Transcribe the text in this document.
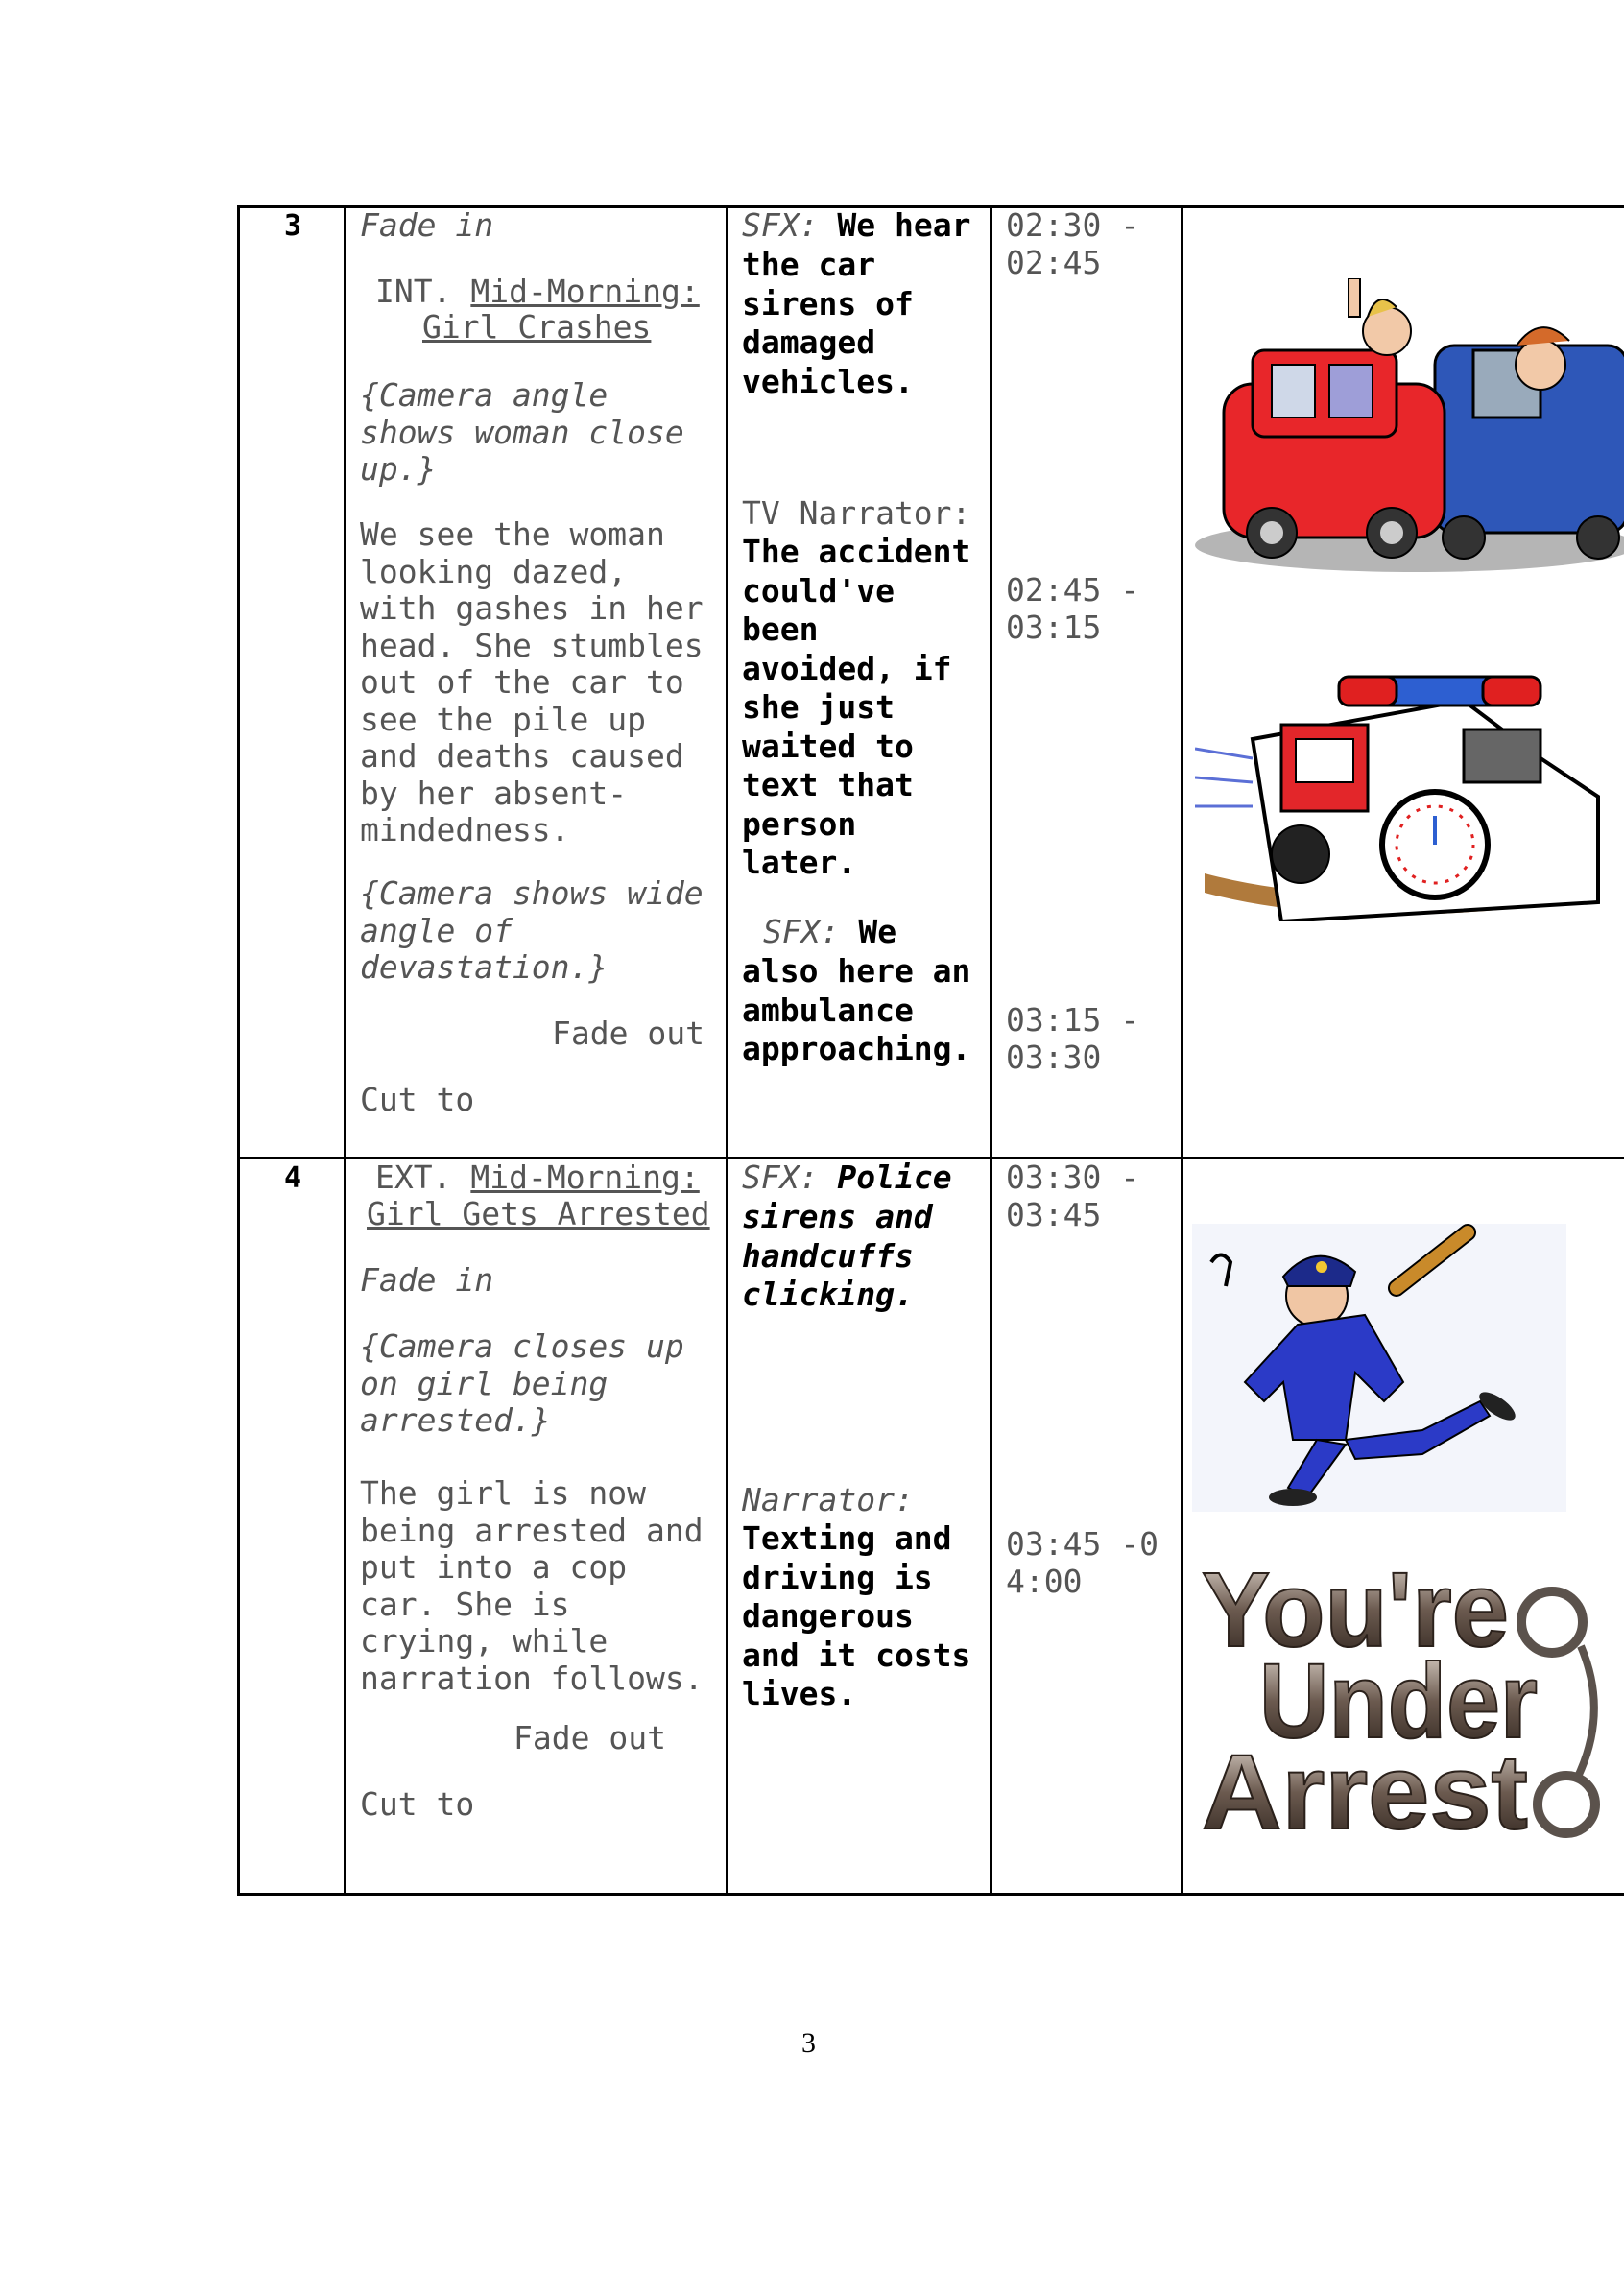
3 Fade in
INT. Mid-Morning:
Girl Crashes
{Camera angle
shows woman close
up.}
We see the woman
looking dazed,
with gashes in her
head. She stumbles
out of the car to
see the pile up
and deaths caused
by her absent-
mindedness.
{Camera shows wide
angle of
devastation.}
Fade out
Cut to
SFX: We hear
the car
sirens of
damaged
vehicles.
TV Narrator:
The accident
could've
been
avoided, if
she just
waited to
text that
person
later.
SFX: We
also here an
ambulance
approaching.
02:30 -
02:45
02:45 -
03:15
03:15 -
03:30
4 EXT. Mid-Morning:
Girl Gets Arrested
Fade in
{Camera closes up
on girl being
arrested.}
The girl is now
being arrested and
put into a cop
car. She is
crying, while
narration follows.
Fade out
Cut to
SFX: Police
sirens and
handcuffs
clicking.
Narrator:
Texting and
driving is
dangerous
and it costs
lives.
03:30 -
03:45
03:45 -0
4:00	You're
Under
Arrest
3
